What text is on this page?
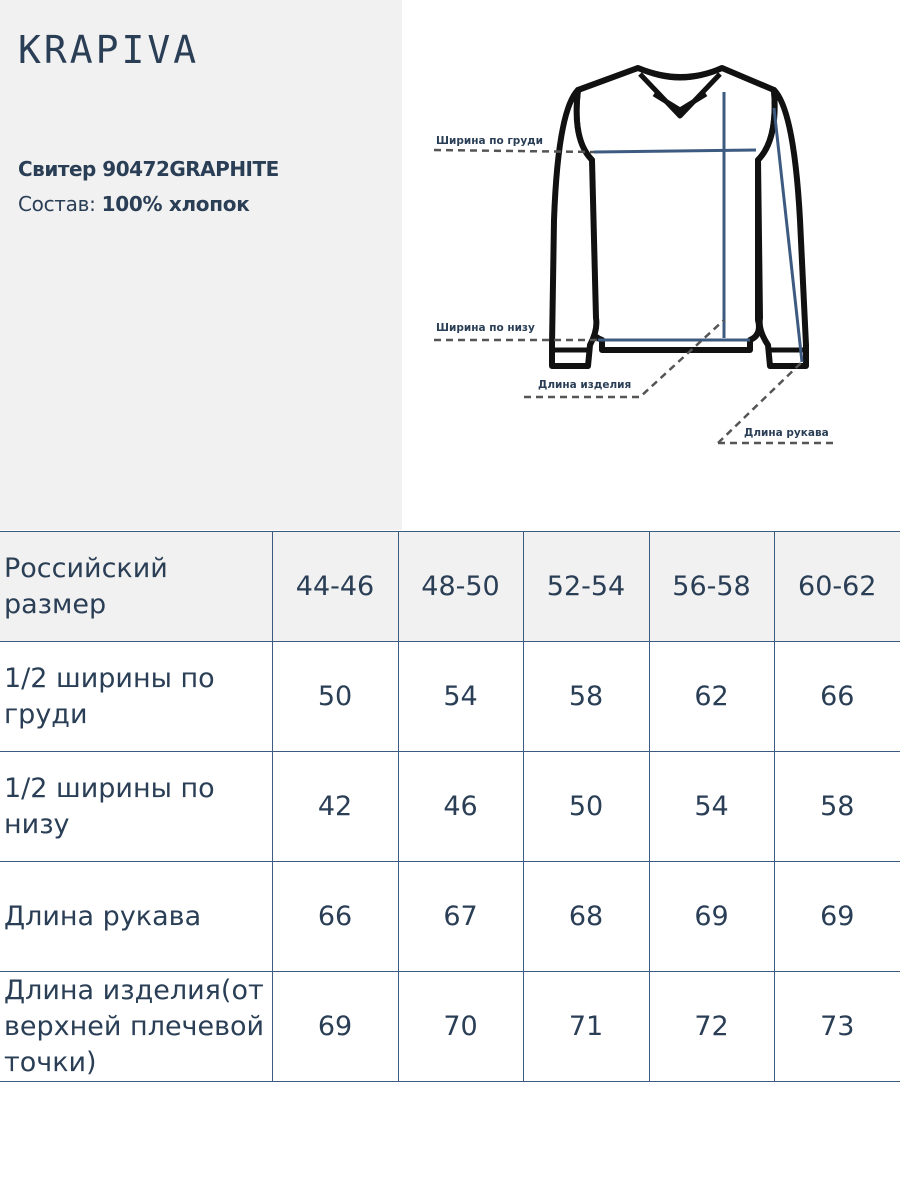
KRAPIVA
Свитер 90472GRAPHITE
Состав: 100% хлопок
Ширина по груди
Ширина по низу
Длина изделия
Длина рукава
Российский размер	44-46	48-50	52-54	56-58	60-62
1/2 ширины по груди	50	54	58	62	66
1/2 ширины по низу	42	46	50	54	58
Длина рукава	66	67	68	69	69
Длина изделия(от верхней плечевой точки)	69	70	71	72	73
